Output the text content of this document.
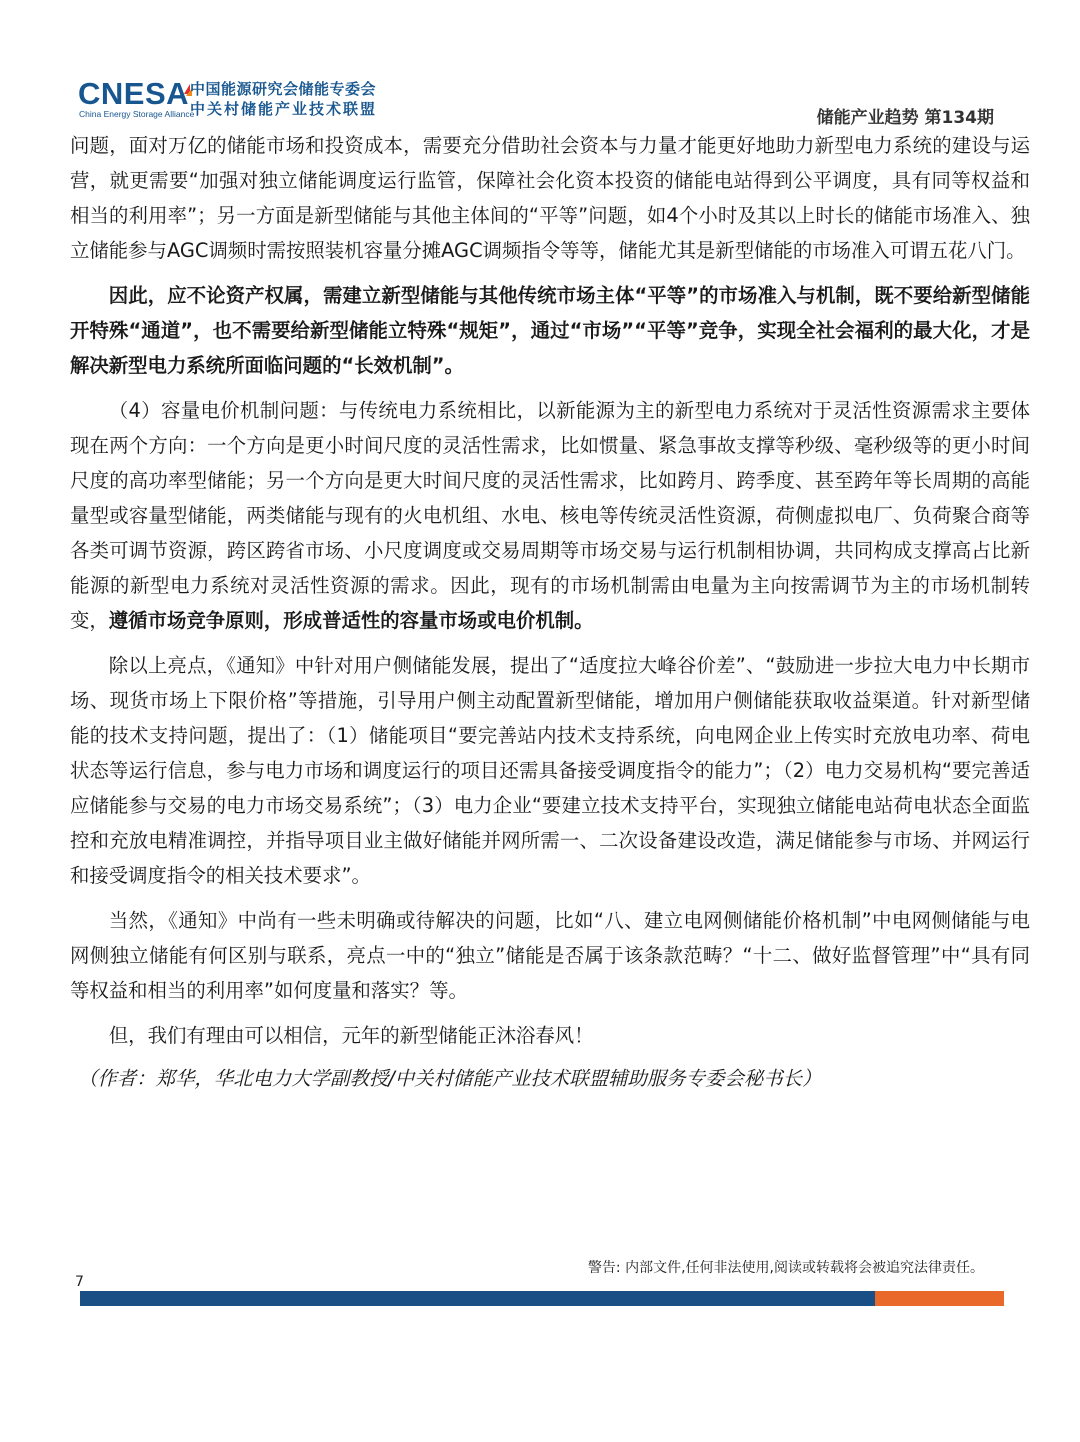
CNESA
China Energy Storage Alliance
中国能源研究会储能专委会
中关村储能产业技术联盟	储能产业趋势 第134期

问题，面对万亿的储能市场和投资成本，需要充分借助社会资本与力量才能更好地助力新型电力系统的建设与运营，就更需要“加强对独立储能调度运行监管，保障社会化资本投资的储能电站得到公平调度，具有同等权益和相当的利用率”；另一方面是新型储能与其他主体间的“平等”问题，如4个小时及其以上时长的储能市场准入、独立储能参与AGC调频时需按照装机容量分摊AGC调频指令等等，储能尤其是新型储能的市场准入可谓五花八门。

因此，应不论资产权属，需建立新型储能与其他传统市场主体“平等”的市场准入与机制，既不要给新型储能开特殊“通道”，也不需要给新型储能立特殊“规矩”，通过“市场”“平等”竞争，实现全社会福利的最大化，才是解决新型电力系统所面临问题的“长效机制”。

（4）容量电价机制问题：与传统电力系统相比，以新能源为主的新型电力系统对于灵活性资源需求主要体现在两个方向：一个方向是更小时间尺度的灵活性需求，比如惯量、紧急事故支撑等秒级、毫秒级等的更小时间尺度的高功率型储能；另一个方向是更大时间尺度的灵活性需求，比如跨月、跨季度、甚至跨年等长周期的高能量型或容量型储能，两类储能与现有的火电机组、水电、核电等传统灵活性资源，荷侧虚拟电厂、负荷聚合商等各类可调节资源，跨区跨省市场、小尺度调度或交易周期等市场交易与运行机制相协调，共同构成支撑高占比新能源的新型电力系统对灵活性资源的需求。因此，现有的市场机制需由电量为主向按需调节为主的市场机制转变，遵循市场竞争原则，形成普适性的容量市场或电价机制。

除以上亮点，《通知》中针对用户侧储能发展，提出了“适度拉大峰谷价差”、“鼓励进一步拉大电力中长期市场、现货市场上下限价格”等措施，引导用户侧主动配置新型储能，增加用户侧储能获取收益渠道。针对新型储能的技术支持问题，提出了：（1）储能项目“要完善站内技术支持系统，向电网企业上传实时充放电功率、荷电状态等运行信息，参与电力市场和调度运行的项目还需具备接受调度指令的能力”；（2）电力交易机构“要完善适应储能参与交易的电力市场交易系统”；（3）电力企业“要建立技术支持平台，实现独立储能电站荷电状态全面监控和充放电精准调控，并指导项目业主做好储能并网所需一、二次设备建设改造，满足储能参与市场、并网运行和接受调度指令的相关技术要求”。

当然，《通知》中尚有一些未明确或待解决的问题，比如“八、建立电网侧储能价格机制”中电网侧储能与电网侧独立储能有何区别与联系，亮点一中的“独立”储能是否属于该条款范畴？“十二、做好监督管理”中“具有同等权益和相当的利用率”如何度量和落实？等。

但，我们有理由可以相信，元年的新型储能正沐浴春风！

（作者：郑华，华北电力大学副教授/中关村储能产业技术联盟辅助服务专委会秘书长）
警告: 内部文件,任何非法使用,阅读或转载将会被追究法律责任。
7
